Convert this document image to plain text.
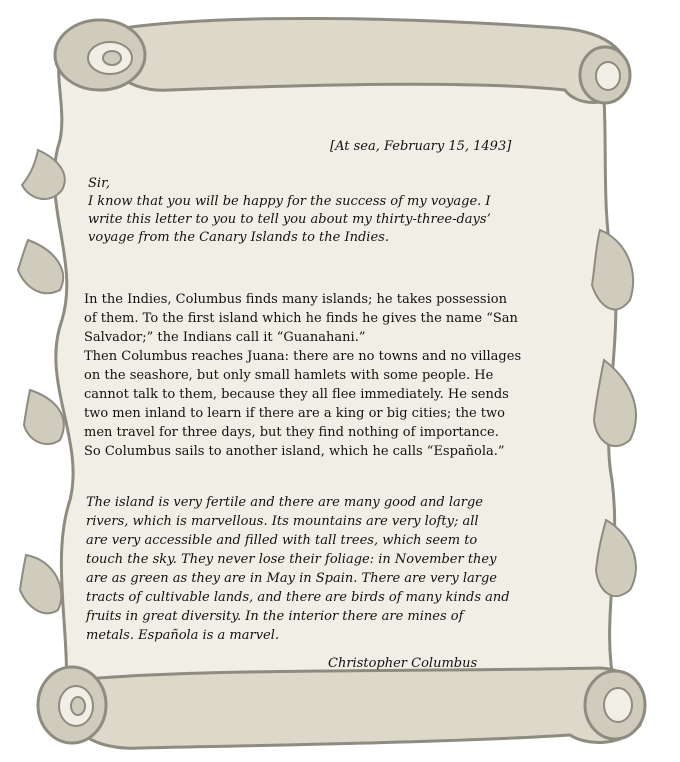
[At sea, February 15, 1493]
Sir,
I know that you will be happy for the success of my voyage. I
write this letter to you to tell you about my thirty-three-days’
voyage from the Canary Islands to the Indies.
In the Indies, Columbus finds many islands; he takes possession
of them. To the first island which he finds he gives the name “San
Salvador;” the Indians call it “Guanahani.”
Then Columbus reaches Juana: there are no towns and no villages
on the seashore, but only small hamlets with some people. He
cannot talk to them, because they all flee immediately. He sends
two men inland to learn if there are a king or big cities; the two
men travel for three days, but they find nothing of importance.
So Columbus sails to another island, which he calls “Española.”
The island is very fertile and there are many good and large
rivers, which is marvellous. Its mountains are very lofty; all
are very accessible and filled with tall trees, which seem to
touch the sky. They never lose their foliage: in November they
are as green as they are in May in Spain. There are very large
tracts of cultivable lands, and there are birds of many kinds and
fruits in great diversity. In the interior there are mines of
metals. Española is a marvel.
Christopher Columbus
